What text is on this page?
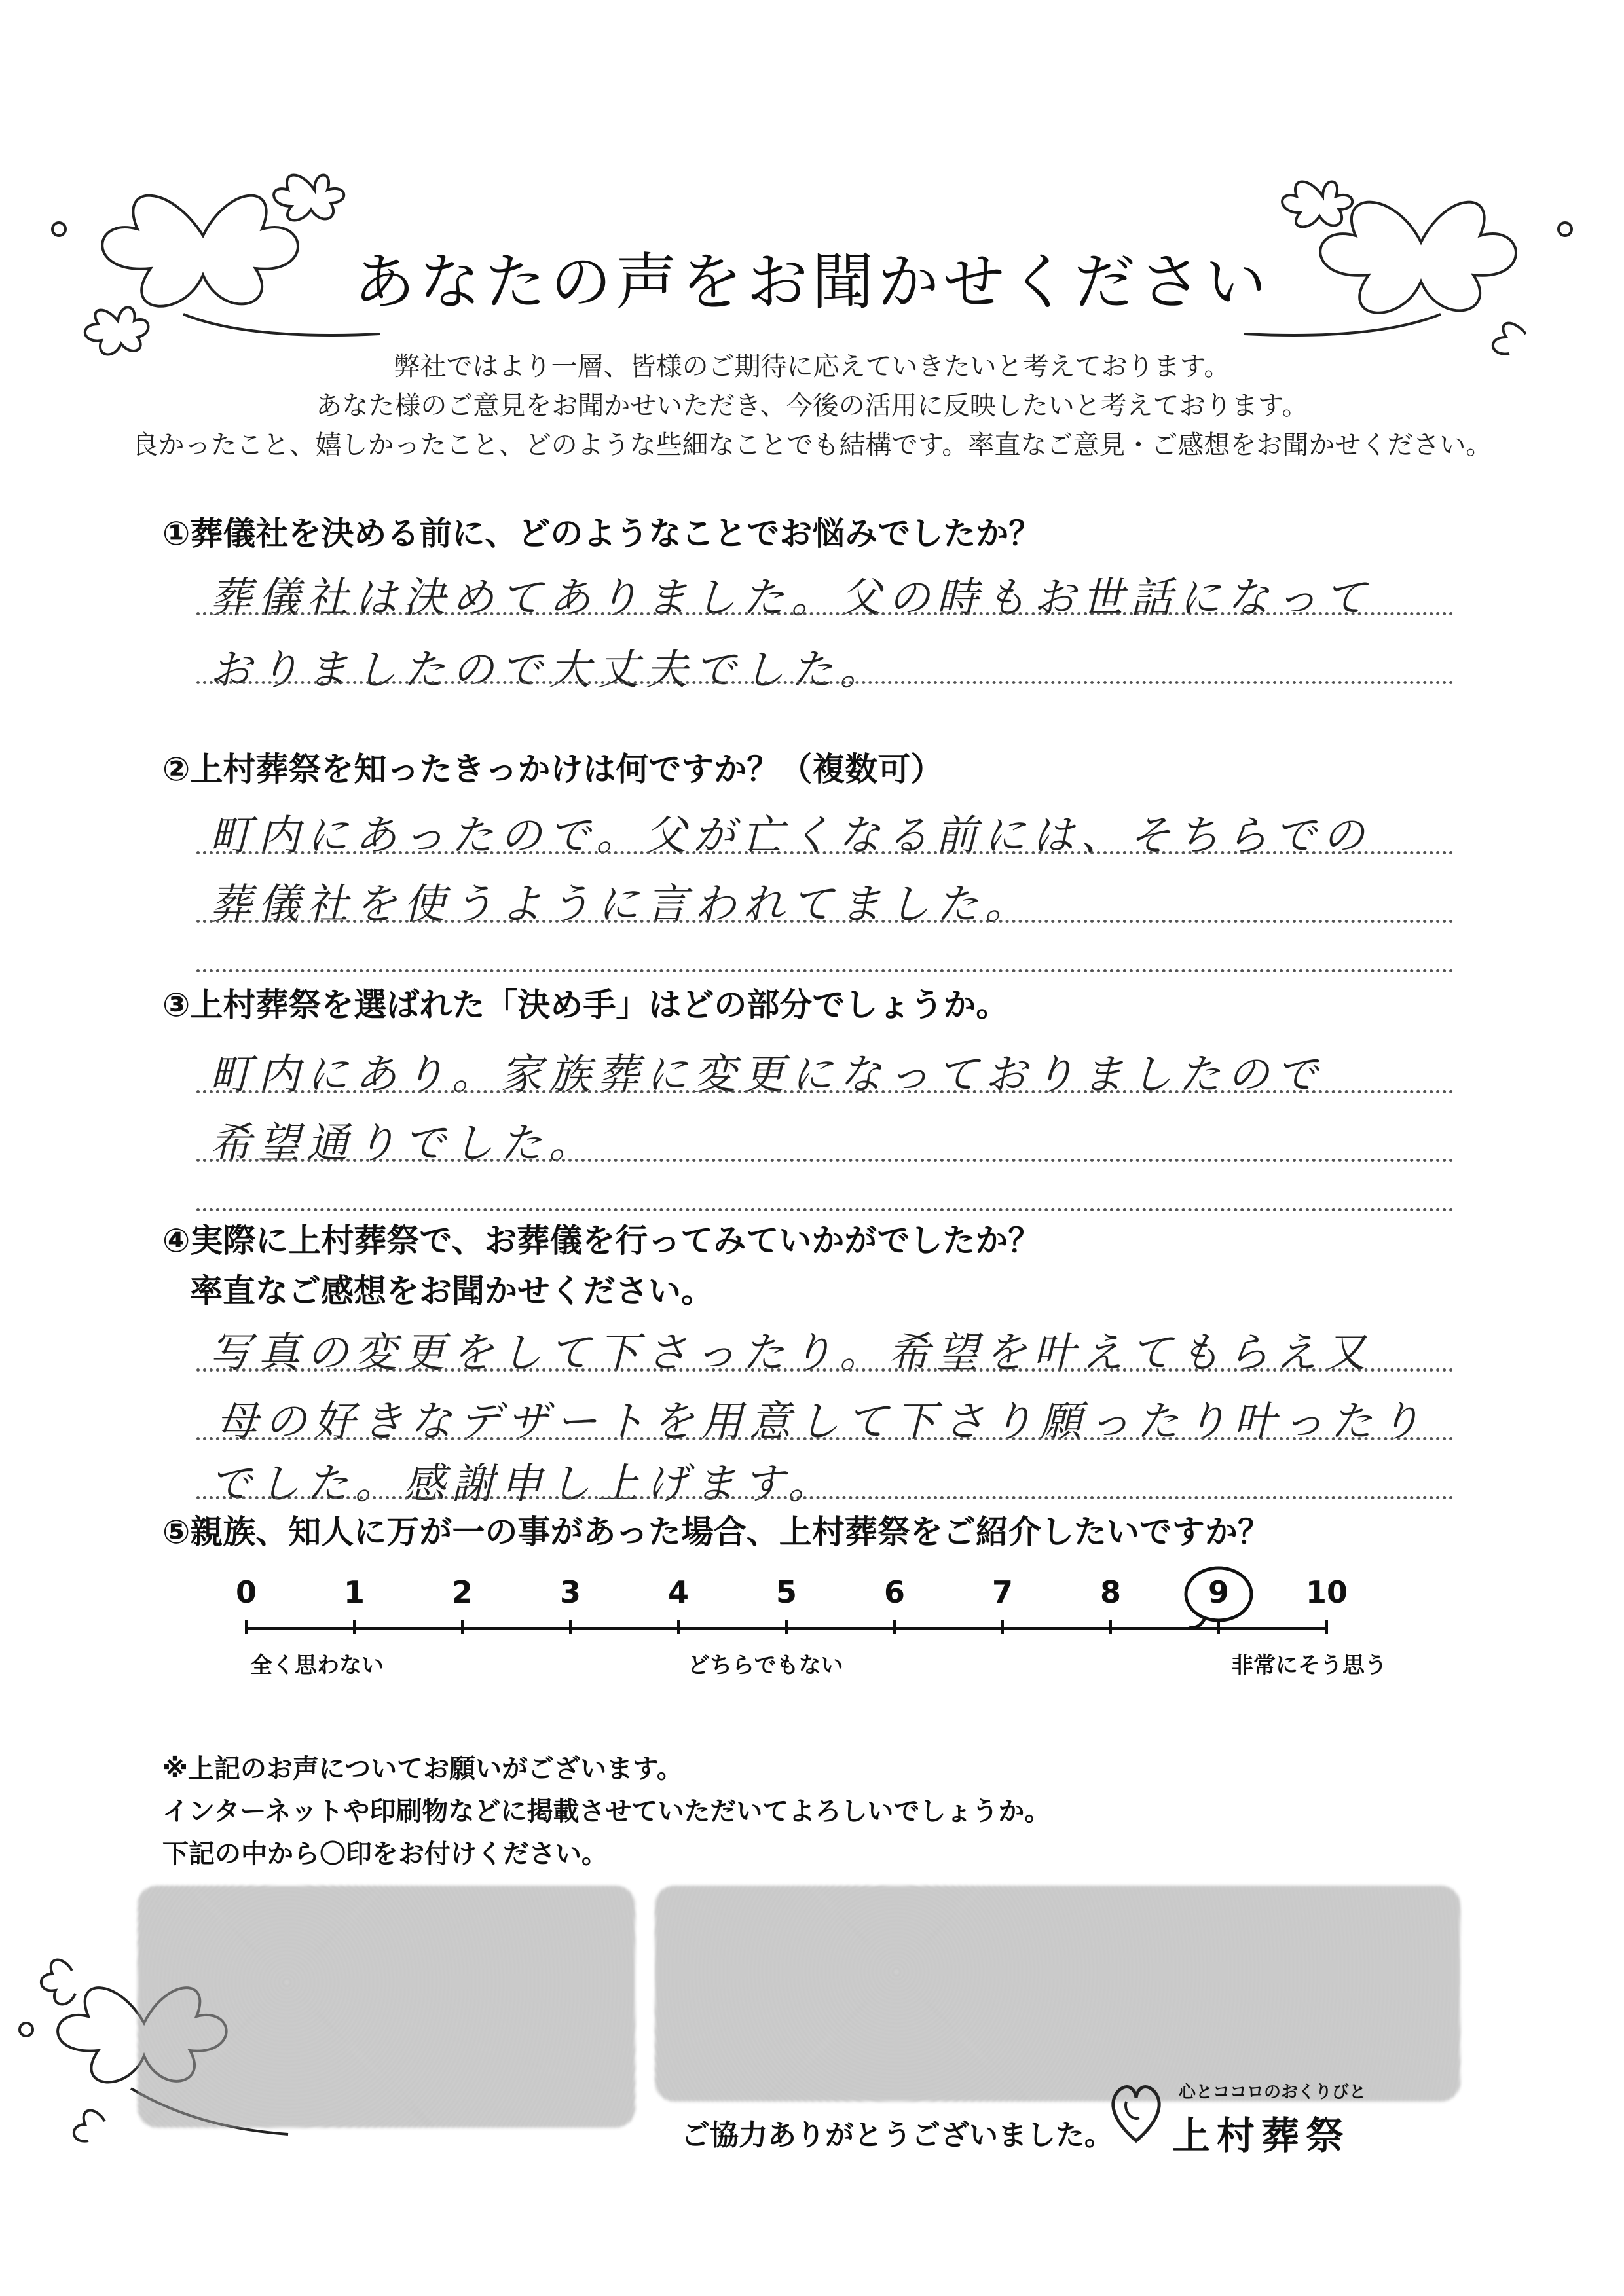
あなたの声をお聞かせください
弊社ではより一層、皆様のご期待に応えていきたいと考えております。
あなた様のご意見をお聞かせいただき、今後の活用に反映したいと考えております。
良かったこと、嬉しかったこと、どのような些細なことでも結構です。率直なご意見・ご感想をお聞かせください。
①葬儀社を決める前に、どのようなことでお悩みでしたか？
葬儀社は決めてありました。父の時もお世話になって
おりましたので大丈夫でした。
②上村葬祭を知ったきっかけは何ですか？（複数可）
町内にあったので。父が亡くなる前には、そちらでの
葬儀社を使うように言われてました。
③上村葬祭を選ばれた「決め手」はどの部分でしょうか。
町内にあり。家族葬に変更になっておりましたので
希望通りでした。
④実際に上村葬祭で、お葬儀を行ってみていかがでしたか？
率直なご感想をお聞かせください。
写真の変更をして下さったり。希望を叶えてもらえ又
母の好きなデザートを用意して下さり願ったり叶ったり
でした。感謝申し上げます。
⑤親族、知人に万が一の事があった場合、上村葬祭をご紹介したいですか？
0	1	2	3	4	5	6	7	8	9	10
全く思わない	どちらでもない	非常にそう思う
※上記のお声についてお願いがございます。
インターネットや印刷物などに掲載させていただいてよろしいでしょうか。
下記の中から〇印をお付けください。
ご協力ありがとうございました。
心とココロのおくりびと
上村葬祭
